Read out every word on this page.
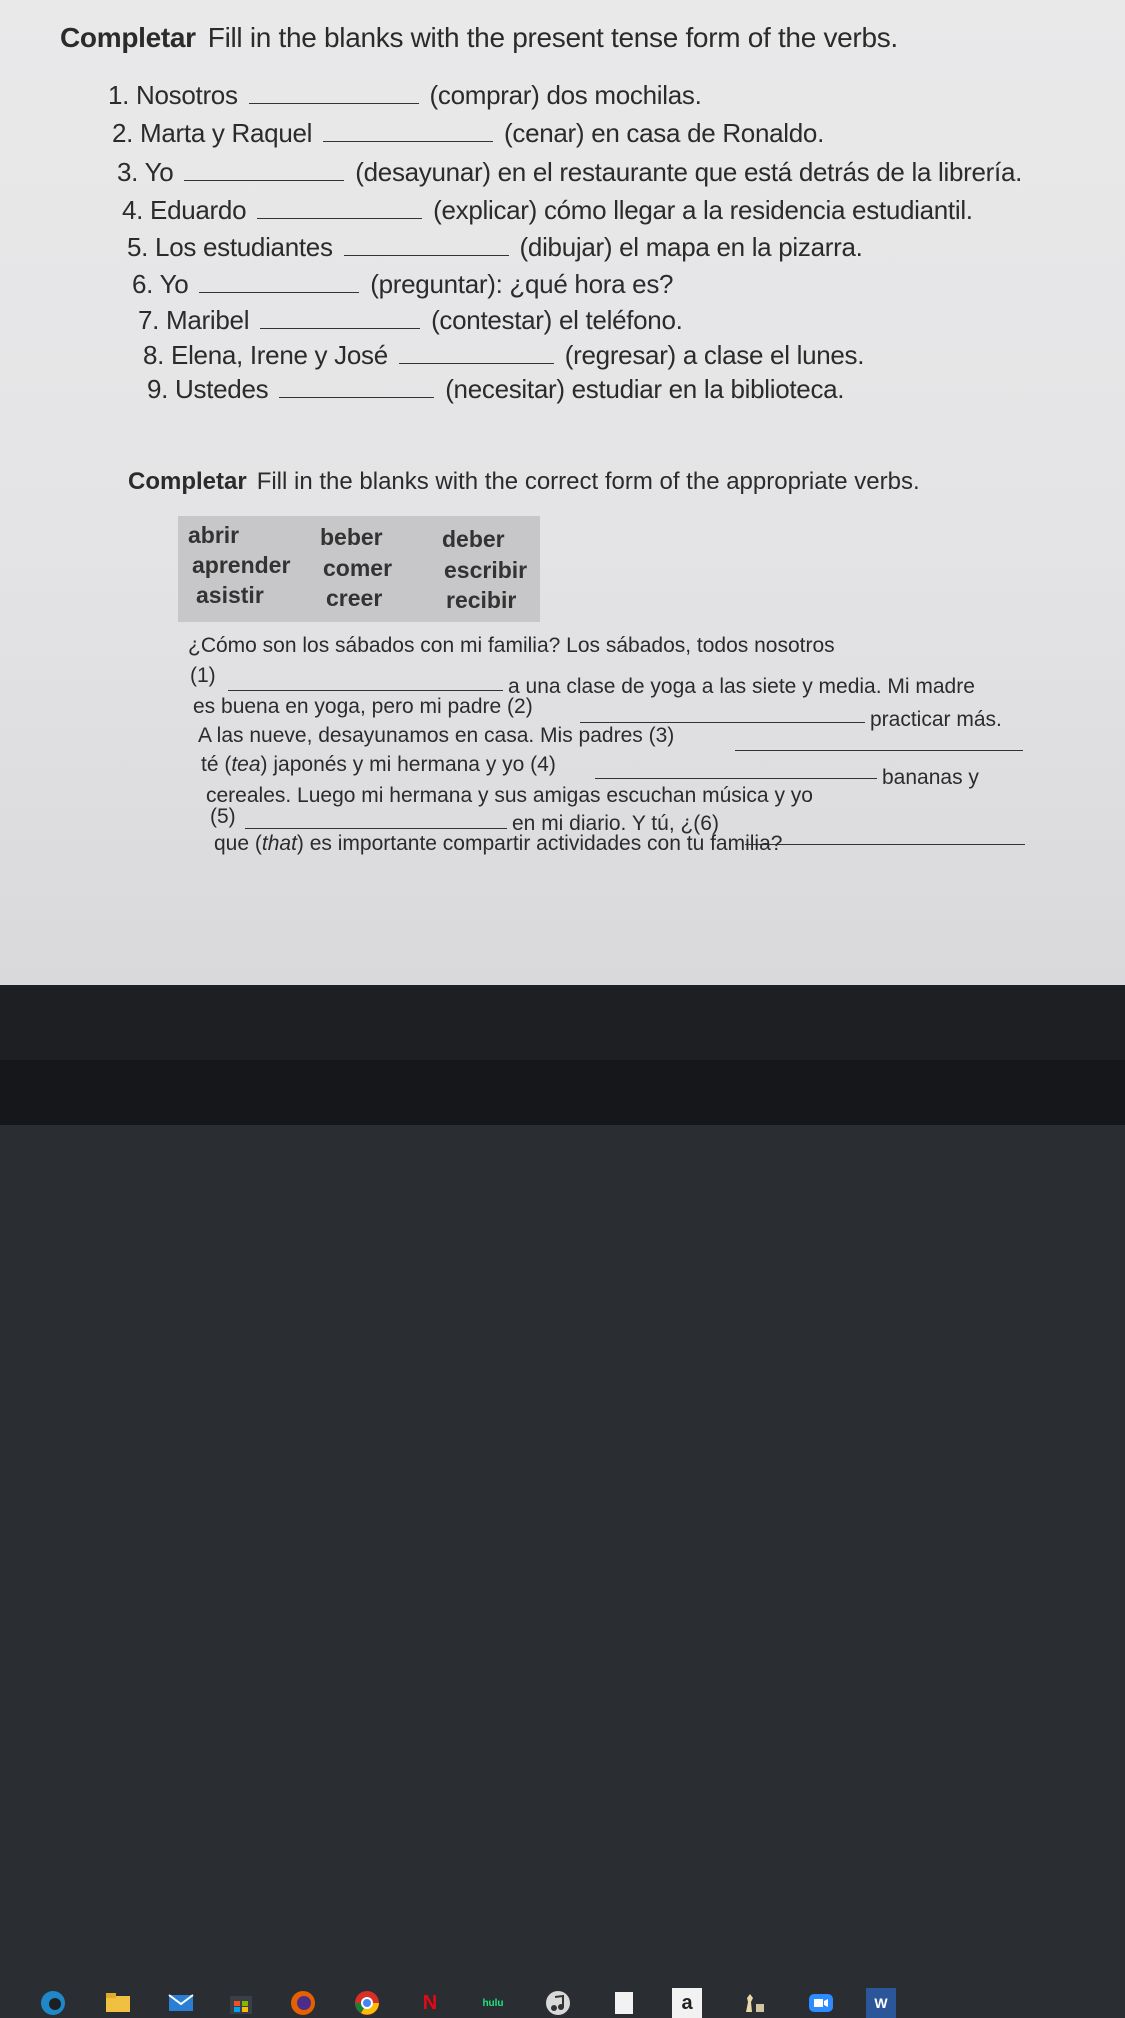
Completar Fill in the blanks with the present tense form of the verbs.
1. Nosotros	(comprar) dos mochilas.
2. Marta y Raquel	(cenar) en casa de Ronaldo.
3. Yo	(desayunar) en el restaurante que está detrás de la librería.
4. Eduardo	(explicar) cómo llegar a la residencia estudiantil.
5. Los estudiantes	(dibujar) el mapa en la pizarra.
6. Yo	(preguntar): ¿qué hora es?
7. Maribel	(contestar) el teléfono.
8. Elena, Irene y José	(regresar) a clase el lunes.
9. Ustedes	(necesitar) estudiar en la biblioteca.
Completar Fill in the blanks with the correct form of the appropriate verbs.
abrir	beber	deber
aprender comer escribir
asistir	creer	recibir
¿Cómo son los sábados con mi familia? Los sábados, todos nosotros
(1)	a una clase de yoga a las siete y media. Mi madre
es buena en yoga, pero mi padre (2)
practicar más.
A las nueve, desayunamos en casa. Mis padres (3)
té (tea) japonés y mi hermana y yo (4)
bananas y
cereales. Luego mi hermana y sus amigas escuchan música y yo
(5)	en mi diario. Y tú, ¿(6)
que (that) es importante compartir actividades con tu familia?
N	hulu	a	W
